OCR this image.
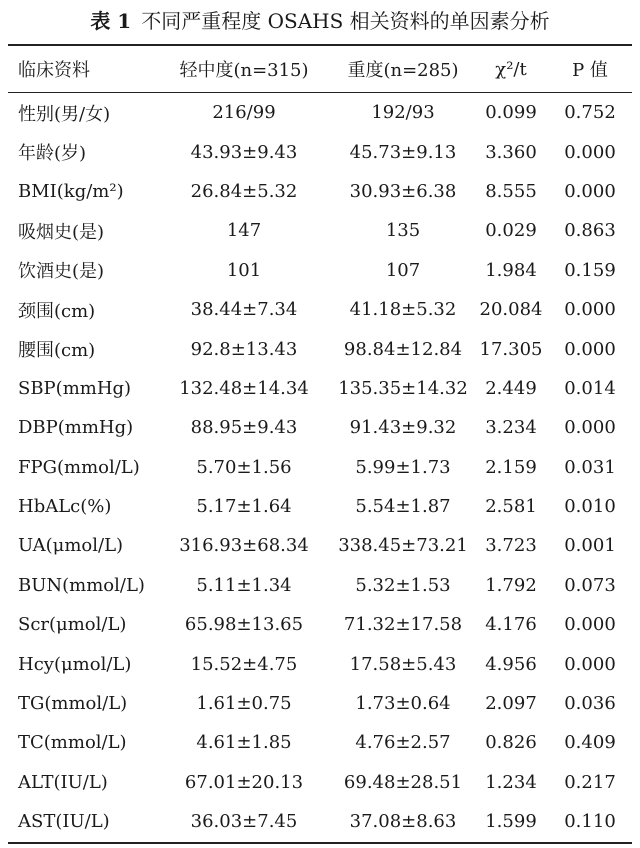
表 1 不同严重程度 OSAHS 相关资料的单因素分析
临床资料	轻中度(n=315)	重度(n=285)	χ²/t	P 值
性别(男/女)	216/99	192/93	0.099	0.752
年龄(岁)	43.93±9.43	45.73±9.13	3.360	0.000
BMI(kg/m²)	26.84±5.32	30.93±6.38	8.555	0.000
吸烟史(是)	147	135	0.029	0.863
饮酒史(是)	101	107	1.984	0.159
颈围(cm)	38.44±7.34	41.18±5.32	20.084	0.000
腰围(cm)	92.8±13.43	98.84±12.84 17.305	0.000
SBP(mmHg)	132.48±14.34	135.35±14.32 2.449	0.014
DBP(mmHg)	88.95±9.43	91.43±9.32	3.234	0.000
FPG(mmol/L)	5.70±1.56	5.99±1.73	2.159	0.031
HbALc(%)	5.17±1.64	5.54±1.87	2.581	0.010
UA(μmol/L)	316.93±68.34	338.45±73.21 3.723	0.001
BUN(mmol/L)	5.11±1.34	5.32±1.53	1.792	0.073
Scr(μmol/L)	65.98±13.65	71.32±17.58	4.176	0.000
Hcy(μmol/L)	15.52±4.75	17.58±5.43	4.956	0.000
TG(mmol/L)	1.61±0.75	1.73±0.64	2.097	0.036
TC(mmol/L)	4.61±1.85	4.76±2.57	0.826	0.409
ALT(IU/L)	67.01±20.13	69.48±28.51	1.234	0.217
AST(IU/L)	36.03±7.45	37.08±8.63	1.599	0.110
